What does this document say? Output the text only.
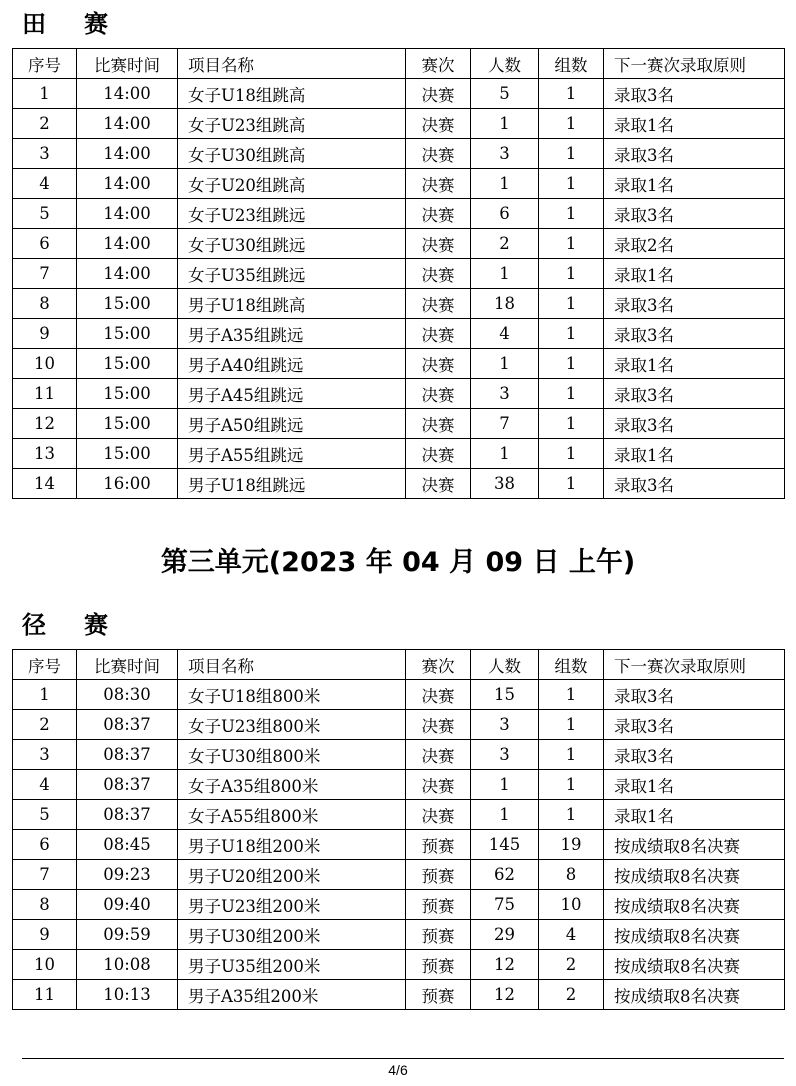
田 赛
序号	比赛时间	项目名称	赛次	人数	组数	下一赛次录取原则
1	14:00	女子U18组跳高	决赛	5	1	录取3名
2	14:00	女子U23组跳高	决赛	1	1	录取1名
3	14:00	女子U30组跳高	决赛	3	1	录取3名
4	14:00	女子U20组跳高	决赛	1	1	录取1名
5	14:00	女子U23组跳远	决赛	6	1	录取3名
6	14:00	女子U30组跳远	决赛	2	1	录取2名
7	14:00	女子U35组跳远	决赛	1	1	录取1名
8	15:00	男子U18组跳高	决赛	18	1	录取3名
9	15:00	男子A35组跳远	决赛	4	1	录取3名
10	15:00	男子A40组跳远	决赛	1	1	录取1名
11	15:00	男子A45组跳远	决赛	3	1	录取3名
12	15:00	男子A50组跳远	决赛	7	1	录取3名
13	15:00	男子A55组跳远	决赛	1	1	录取1名
14	16:00	男子U18组跳远	决赛	38	1	录取3名
第三单元(2023 年 04 月 09 日 上午)
径 赛
序号	比赛时间	项目名称	赛次	人数	组数	下一赛次录取原则
1	08:30	女子U18组800米	决赛	15	1	录取3名
2	08:37	女子U23组800米	决赛	3	1	录取3名
3	08:37	女子U30组800米	决赛	3	1	录取3名
4	08:37	女子A35组800米	决赛	1	1	录取1名
5	08:37	女子A55组800米	决赛	1	1	录取1名
6	08:45	男子U18组200米	预赛	145	19	按成绩取8名决赛
7	09:23	男子U20组200米	预赛	62	8	按成绩取8名决赛
8	09:40	男子U23组200米	预赛	75	10	按成绩取8名决赛
9	09:59	男子U30组200米	预赛	29	4	按成绩取8名决赛
10	10:08	男子U35组200米	预赛	12	2	按成绩取8名决赛
11	10:13	男子A35组200米	预赛	12	2	按成绩取8名决赛
4/6
